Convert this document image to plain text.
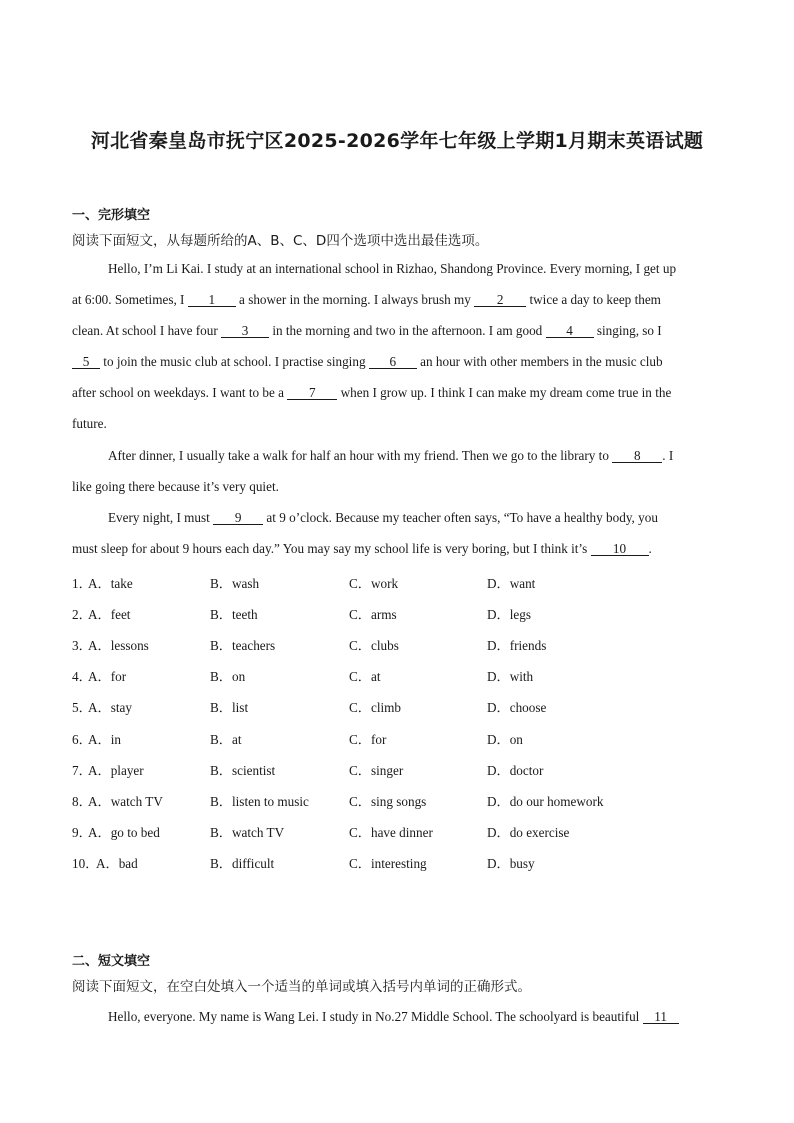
河北省秦皇岛市抚宁区2025-2026学年七年级上学期1月期末英语试题
一、完形填空
阅读下面短文，从每题所给的A、B、C、D四个选项中选出最佳选项。
Hello, I’m Li Kai. I study at an international school in Rizhao, Shandong Province. Every morning, I get up
at 6:00. Sometimes, I 1 a shower in the morning. I always brush my 2 twice a day to keep them
clean. At school I have four 3 in the morning and two in the afternoon. I am good 4 singing, so I
5 to join the music club at school. I practise singing 6 an hour with other members in the music club
after school on weekdays. I want to be a 7 when I grow up. I think I can make my dream come true in the
future.
After dinner, I usually take a walk for half an hour with my friend. Then we go to the library to 8 . I
like going there because it’s very quiet.
Every night, I must 9 at 9 o’clock. Because my teacher often says, “To have a healthy body, you
must sleep for about 9 hours each day.” You may say my school life is very boring, but I think it’s 10 .
1．
A．take	B．wash	C．work	D．want
2．
A．feet	B．teeth	C．arms	D．legs
3．
A．lessons	B．teachers	C．clubs	D．friends
4．
A．for	B．on	C．at	D．with
5．
A．stay	B．list	C．climb	D．choose
6．
A．in	B．at	C．for	D．on
7．
A．player	B．scientist	C．singer	D．doctor
8．
A．watch TV	B．listen to music	C．sing songs	D．do our homework
9．
A．go to bed	B．watch TV	C．have dinner	D．do exercise
10．
A．bad	B．difficult	C．interesting	D．busy
二、短文填空
阅读下面短文，在空白处填入一个适当的单词或填入括号内单词的正确形式。
Hello, everyone. My name is Wang Lei. I study in No.27 Middle School. The schoolyard is beautiful 11
